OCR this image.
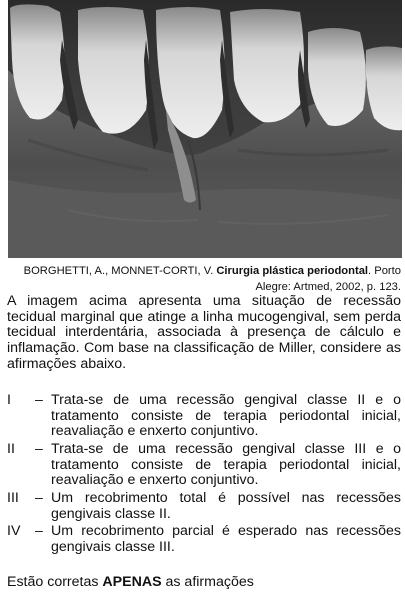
BORGHETTI, A., MONNET-CORTI, V. Cirurgia plástica periodontal. Porto Alegre: Artmed, 2002, p. 123.
A imagem acima apresenta uma situação de recessão tecidual marginal que atinge a linha mucogengival, sem perda tecidual interdentária, associada à presença de cálculo e inflamação. Com base na classificação de Miller, considere as afirmações abaixo.
I	– Trata-se de uma recessão gengival classe II e o tratamento consiste de terapia periodontal inicial, reavaliação e enxerto conjuntivo.
II	– Trata-se de uma recessão gengival classe III e o tratamento consiste de terapia periodontal inicial, reavaliação e enxerto conjuntivo.
III	– Um recobrimento total é possível nas recessões gengivais classe II.
IV	– Um recobrimento parcial é esperado nas recessões gengivais classe III.
Estão corretas APENAS as afirmações
